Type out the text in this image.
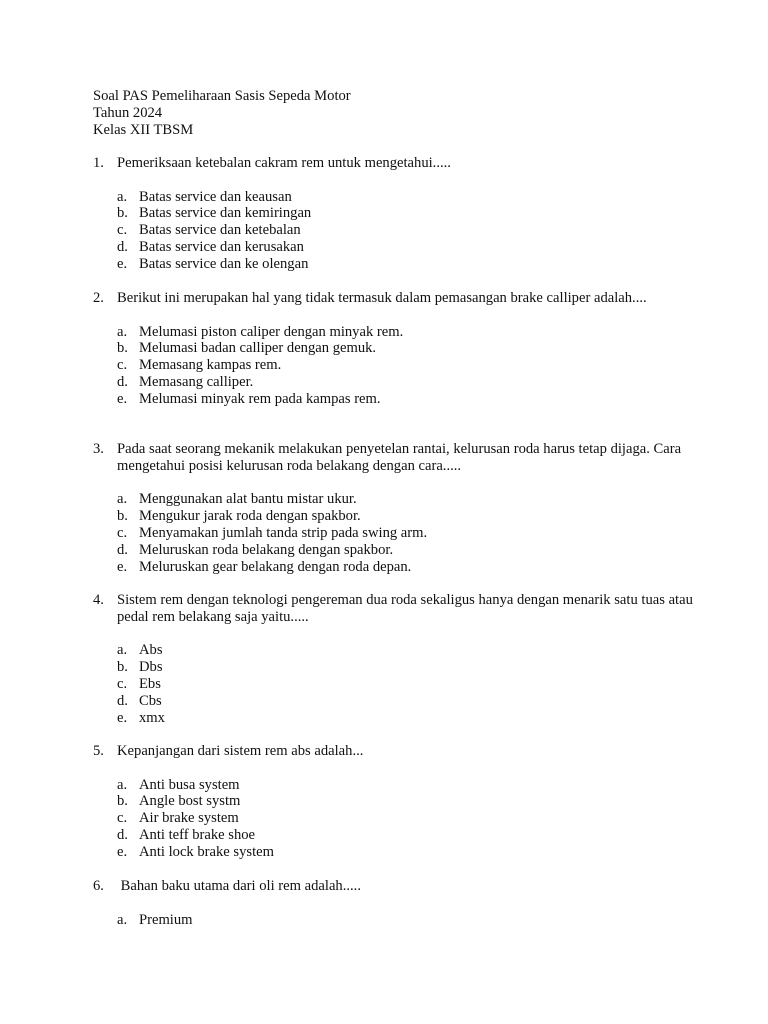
Soal PAS Pemeliharaan Sasis Sepeda Motor
Tahun 2024
Kelas XII TBSM
1. Pemeriksaan ketebalan cakram rem untuk mengetahui.....
a. Batas service dan keausan
b. Batas service dan kemiringan
c. Batas service dan ketebalan
d. Batas service dan kerusakan
e. Batas service dan ke olengan
2. Berikut ini merupakan hal yang tidak termasuk dalam pemasangan brake calliper adalah....
a. Melumasi piston caliper dengan minyak rem.
b. Melumasi badan calliper dengan gemuk.
c. Memasang kampas rem.
d. Memasang calliper.
e. Melumasi minyak rem pada kampas rem.
3. Pada saat seorang mekanik melakukan penyetelan rantai, kelurusan roda harus tetap dijaga. Cara mengetahui posisi kelurusan roda belakang dengan cara.....
a. Menggunakan alat bantu mistar ukur.
b. Mengukur jarak roda dengan spakbor.
c. Menyamakan jumlah tanda strip pada swing arm.
d. Meluruskan roda belakang dengan spakbor.
e. Meluruskan gear belakang dengan roda depan.
4. Sistem rem dengan teknologi pengereman dua roda sekaligus hanya dengan menarik satu tuas atau pedal rem belakang saja yaitu.....
a. Abs
b. Dbs
c. Ebs
d. Cbs
e. xmx
5. Kepanjangan dari sistem rem abs adalah...
a. Anti busa system
b. Angle bost systm
c. Air brake system
d. Anti teff brake shoe
e. Anti lock brake system
6. Bahan baku utama dari oli rem adalah.....
a. Premium
